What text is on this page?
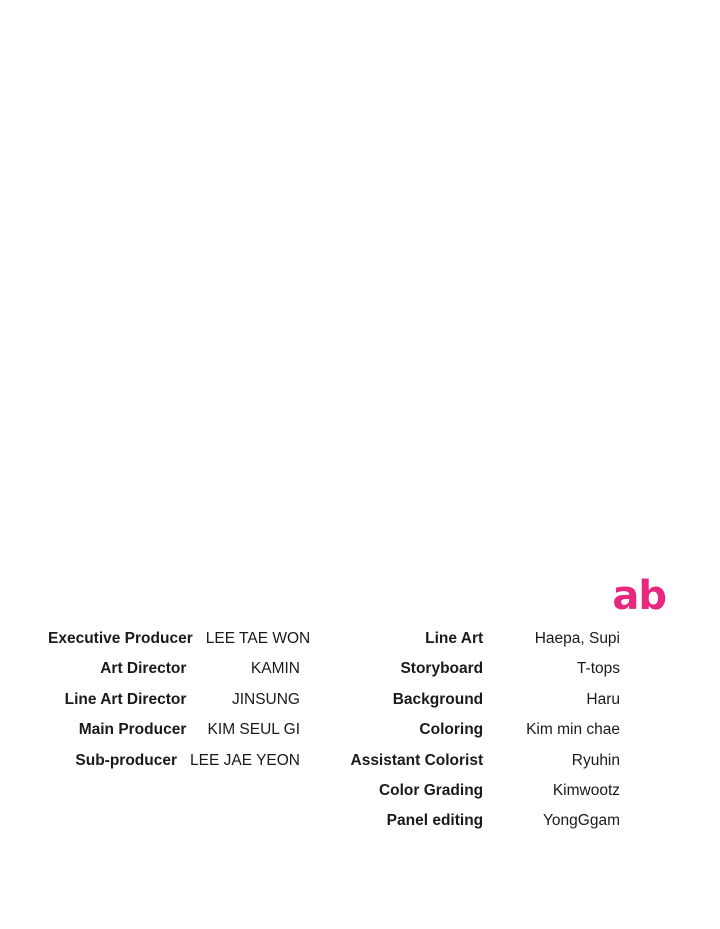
ab
Executive Producer LEE TAE WON
Art Director	KAMIN
Line Art Director	JINSUNG
Main Producer	KIM SEUL GI
Sub-producer LEE JAE YEON
Line Art	Haepa, Supi
Storyboard	T-tops
Background	Haru
Coloring	Kim min chae
Assistant Colorist	Ryuhin
Color Grading	Kimwootz
Panel editing	YongGgam
